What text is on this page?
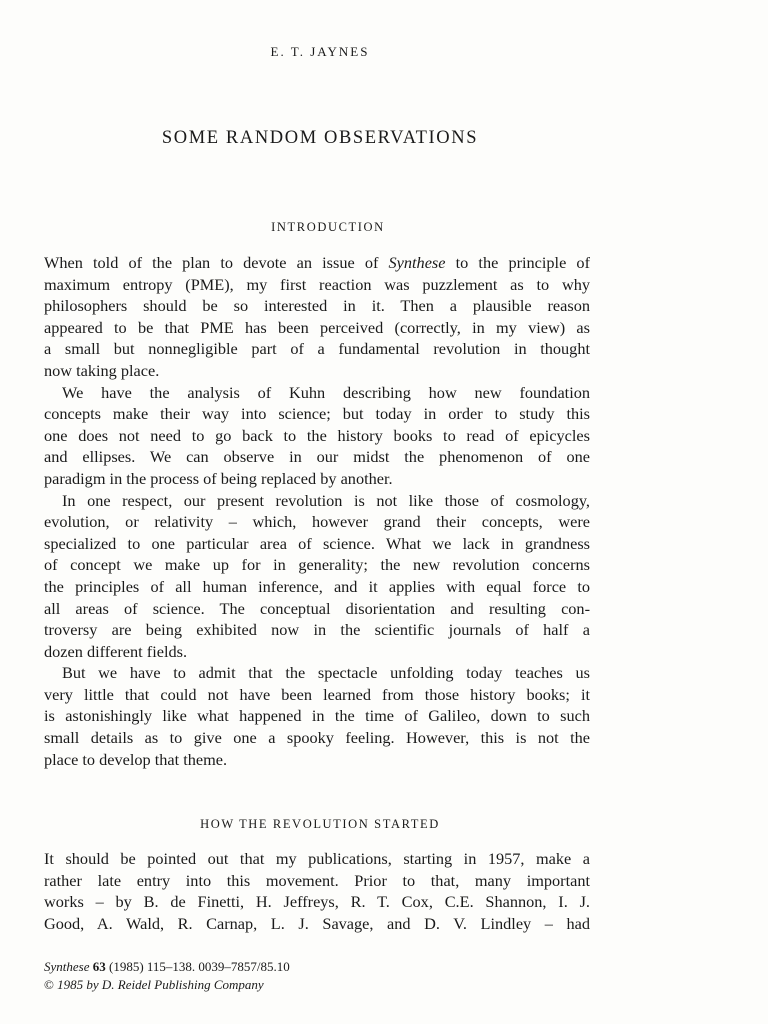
E. T. JAYNES
SOME RANDOM OBSERVATIONS
INTRODUCTION
When told of the plan to devote an issue of Synthese to the principle of
maximum entropy (PME), my first reaction was puzzlement as to why
philosophers should be so interested in it. Then a plausible reason
appeared to be that PME has been perceived (correctly, in my view) as
a small but nonnegligible part of a fundamental revolution in thought
now taking place.
We have the analysis of Kuhn describing how new foundation
concepts make their way into science; but today in order to study this
one does not need to go back to the history books to read of epicycles
and ellipses. We can observe in our midst the phenomenon of one
paradigm in the process of being replaced by another.
In one respect, our present revolution is not like those of cosmology,
evolution, or relativity – which, however grand their concepts, were
specialized to one particular area of science. What we lack in grandness
of concept we make up for in generality; the new revolution concerns
the principles of all human inference, and it applies with equal force to
all areas of science. The conceptual disorientation and resulting con-
troversy are being exhibited now in the scientific journals of half a
dozen different fields.
But we have to admit that the spectacle unfolding today teaches us
very little that could not have been learned from those history books; it
is astonishingly like what happened in the time of Galileo, down to such
small details as to give one a spooky feeling. However, this is not the
place to develop that theme.
HOW THE REVOLUTION STARTED
It should be pointed out that my publications, starting in 1957, make a
rather late entry into this movement. Prior to that, many important
works – by B. de Finetti, H. Jeffreys, R. T. Cox, C.E. Shannon, I. J.
Good, A. Wald, R. Carnap, L. J. Savage, and D. V. Lindley – had
Synthese 63 (1985) 115–138. 0039–7857/85.10
© 1985 by D. Reidel Publishing Company
